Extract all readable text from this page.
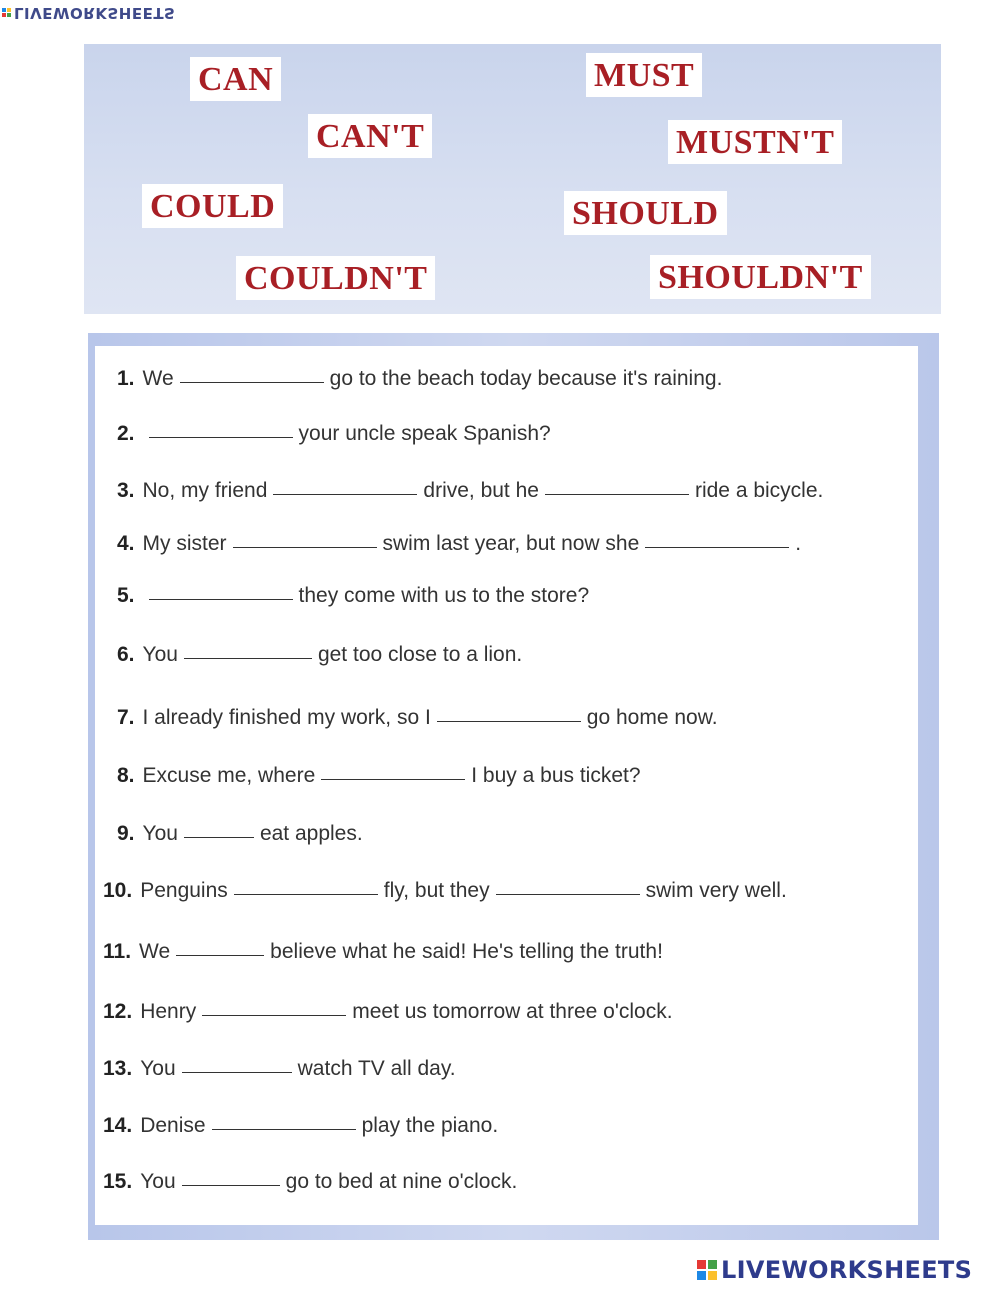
LIVEWORKSHEETS
CAN	MUST
CAN'T	MUSTN'T
COULD	SHOULD
COULDN'T	SHOULDN'T
1. We	go to the beach today because it's raining.
2.	your uncle speak Spanish?
3. No, my friend	drive, but he	ride a bicycle.
4. My sister	swim last year, but now she	.
5.	they come with us to the store?
6. You	get too close to a lion.
7. I already finished my work, so I	go home now.
8. Excuse me, where	I buy a bus ticket?
9. You	eat apples.
10. Penguins	fly, but they	swim very well.
11. We	believe what he said! He's telling the truth!
12. Henry	meet us tomorrow at three o'clock.
13. You	watch TV all day.
14. Denise	play the piano.
15. You	go to bed at nine o'clock.
LIVEWORKSHEETS
